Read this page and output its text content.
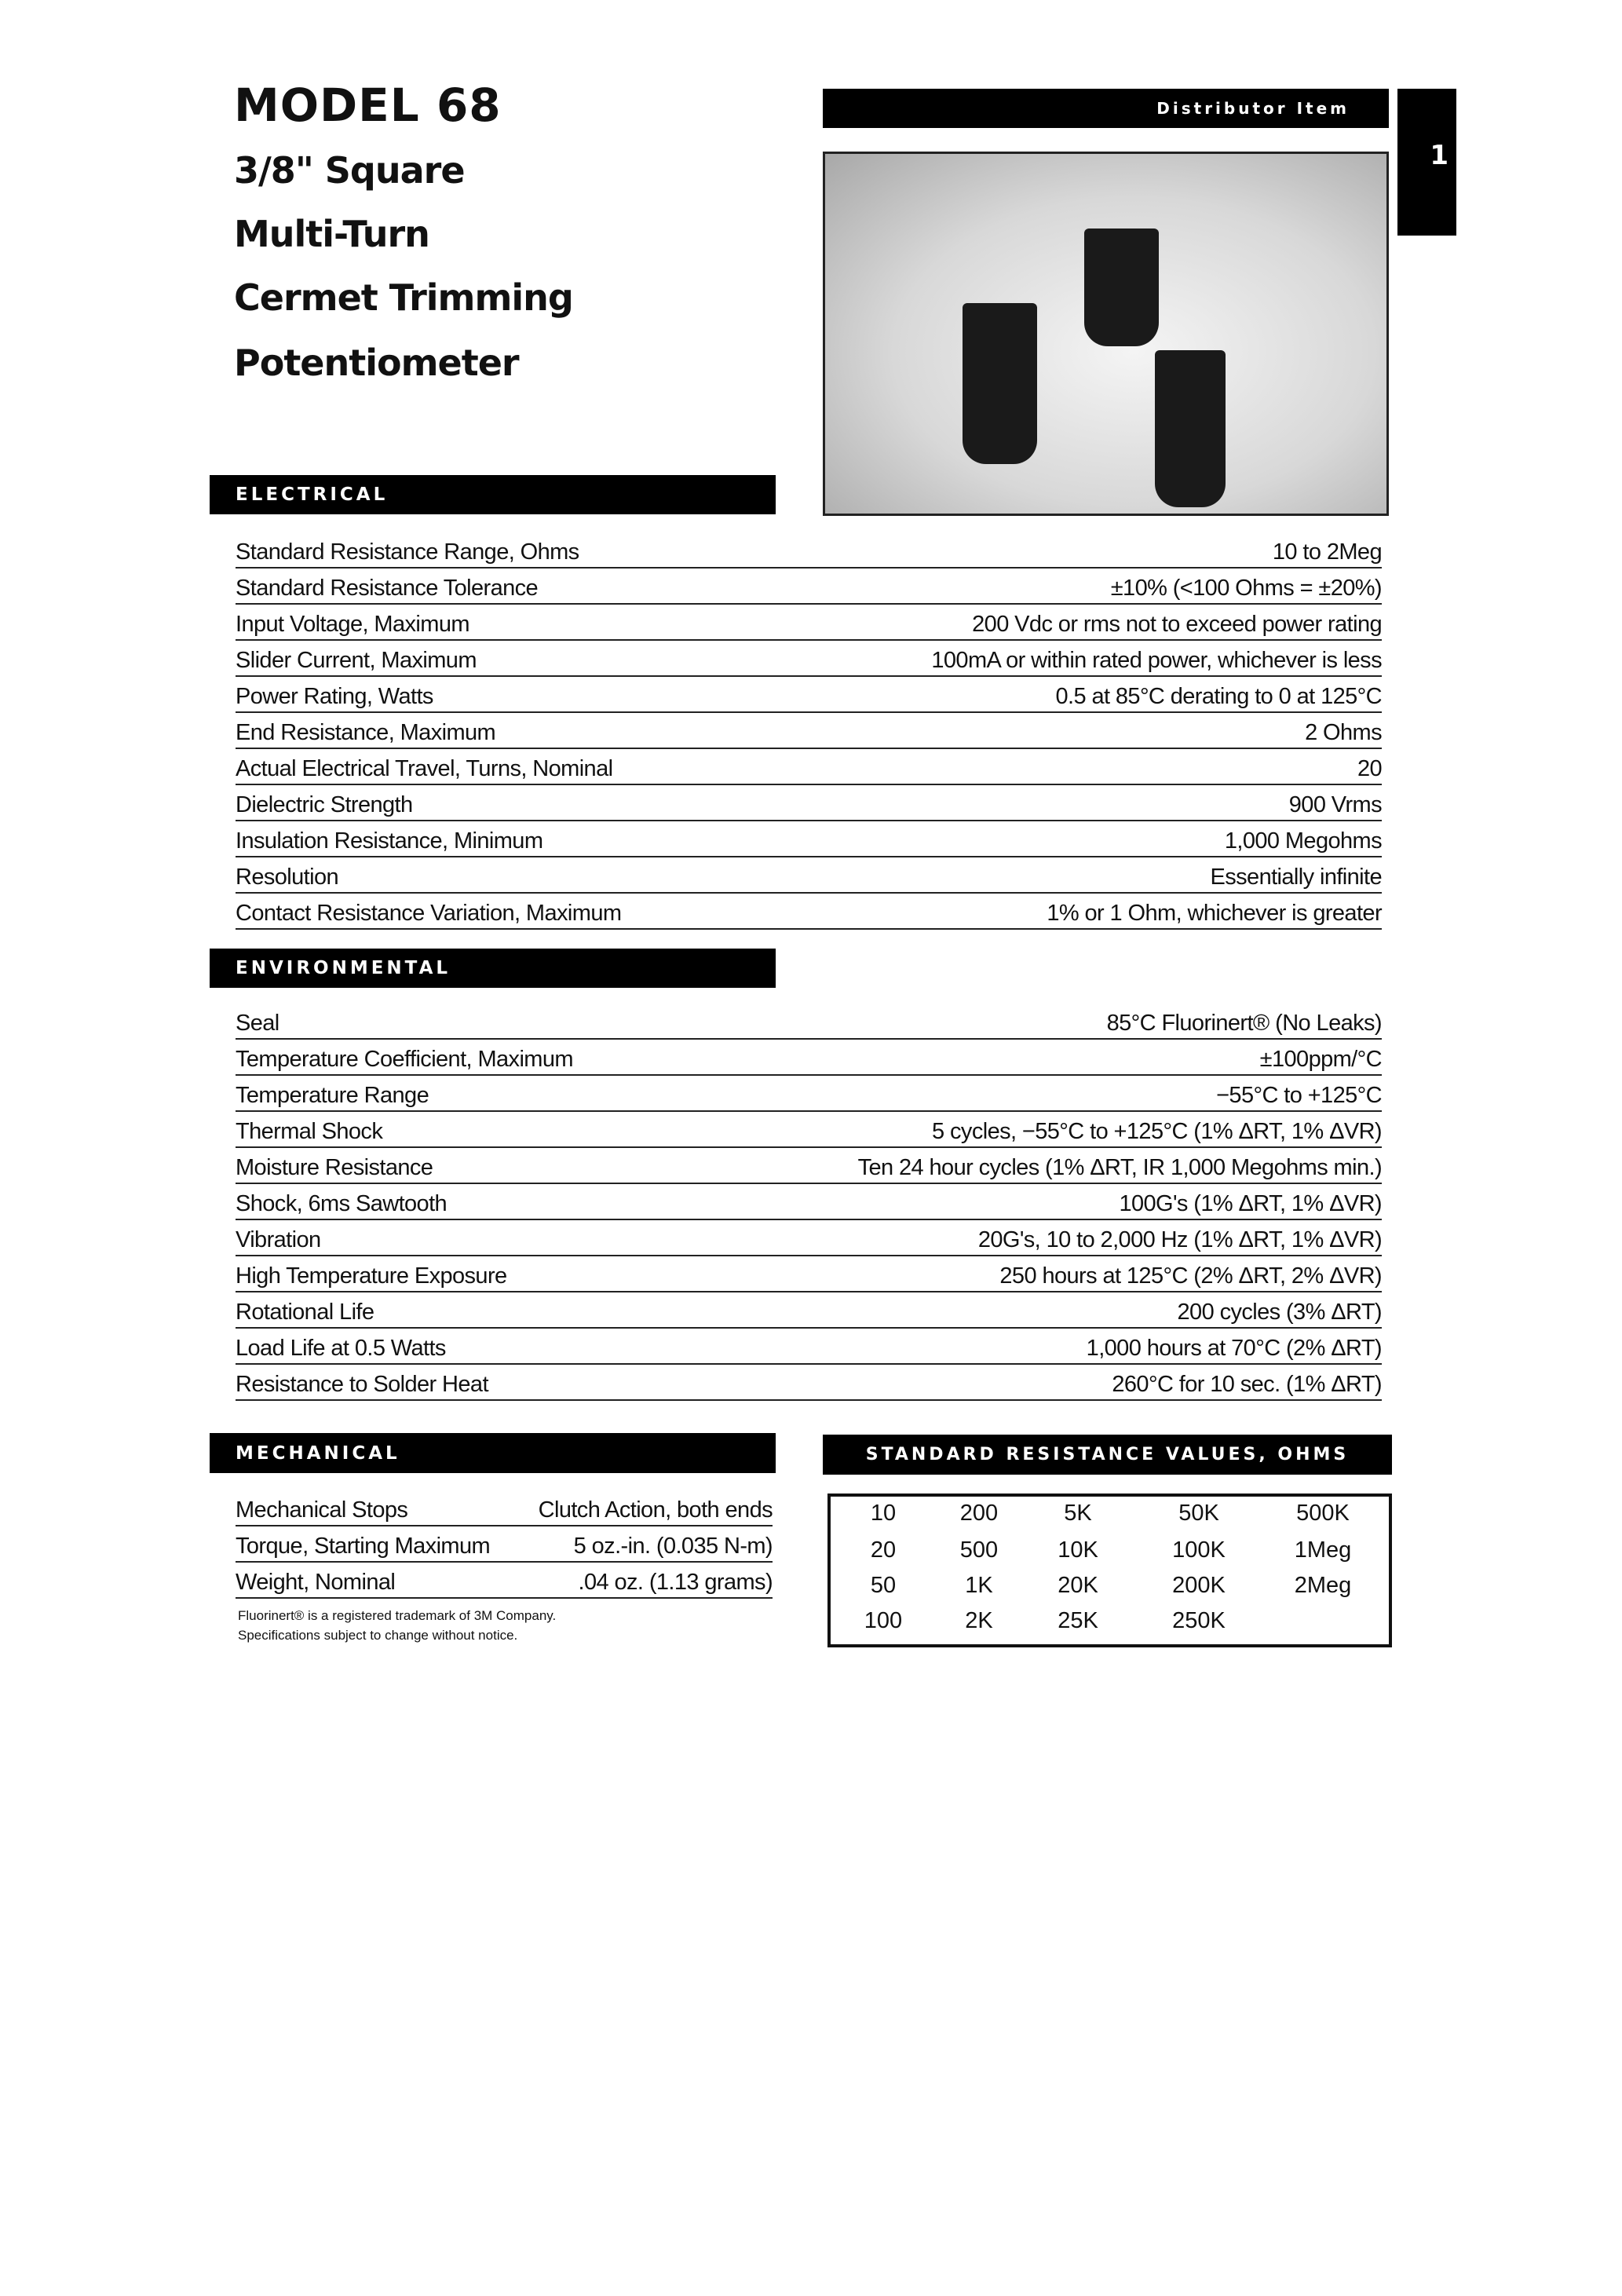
MODEL 68
3/8" Square
Multi-Turn
Cermet Trimming
Potentiometer
Distributor Item
1
ELECTRICAL
Standard Resistance Range, Ohms	10 to 2Meg
Standard Resistance Tolerance	±10% (<100 Ohms = ±20%)
Input Voltage, Maximum	200 Vdc or rms not to exceed power rating
Slider Current, Maximum	100mA or within rated power, whichever is less
Power Rating, Watts	0.5 at 85°C derating to 0 at 125°C
End Resistance, Maximum	2 Ohms
Actual Electrical Travel, Turns, Nominal	20
Dielectric Strength	900 Vrms
Insulation Resistance, Minimum	1,000 Megohms
Resolution	Essentially infinite
Contact Resistance Variation, Maximum	1% or 1 Ohm, whichever is greater
ENVIRONMENTAL
Seal	85°C Fluorinert® (No Leaks)
Temperature Coefficient, Maximum	±100ppm/°C
Temperature Range	−55°C to +125°C
Thermal Shock	5 cycles, −55°C to +125°C (1% ΔRT, 1% ΔVR)
Moisture Resistance	Ten 24 hour cycles (1% ΔRT, IR 1,000 Megohms min.)
Shock, 6ms Sawtooth	100G's (1% ΔRT, 1% ΔVR)
Vibration	20G's, 10 to 2,000 Hz (1% ΔRT, 1% ΔVR)
High Temperature Exposure	250 hours at 125°C (2% ΔRT, 2% ΔVR)
Rotational Life	200 cycles (3% ΔRT)
Load Life at 0.5 Watts	1,000 hours at 70°C (2% ΔRT)
Resistance to Solder Heat	260°C for 10 sec. (1% ΔRT)
MECHANICAL
Mechanical Stops	Clutch Action, both ends
Torque, Starting Maximum	5 oz.-in. (0.035 N-m)
Weight, Nominal	.04 oz. (1.13 grams)
Fluorinert® is a registered trademark of 3M Company.
Specifications subject to change without notice.
STANDARD RESISTANCE VALUES, OHMS
10	200	5K	50K	500K
20	500	10K	100K	1Meg
50	1K	20K	200K	2Meg
100	2K	25K	250K
